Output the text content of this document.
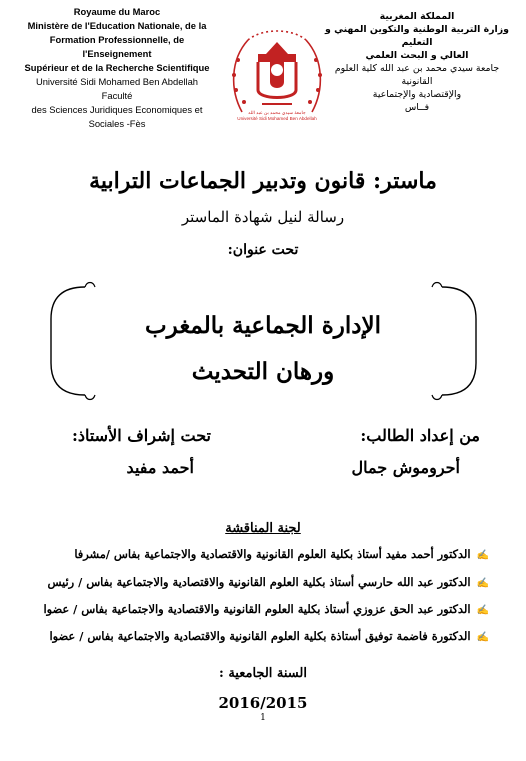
Royaume du Maroc
Ministère de l'Education Nationale, de la
Formation Professionnelle, de l'Enseignement
Supérieur et de la Recherche Scientifique
Université Sidi Mohamed Ben Abdellah Faculté
des Sciences Juridiques Economiques et
Sociales -Fès
جامعة سيدي محمد بن عبد الله
Université Sidi Mohamed Ben Abdellah
المملكة المغربية
وزارة التربية الوطنية والتكوين المهني و التعليم
العالي و البحث العلمي
جامعة سيدي محمد بن عبد الله كلية العلوم القانونية
والإقتصادية والإجتماعية
فــاس
ماستر: قانون وتدبير الجماعات الترابية
رسالة لنيل شهادة الماستر
تحت عنوان:
الإدارة الجماعية بالمغرب
ورهان التحديث
من إعداد الطالب:
تحت إشراف الأستاذ:
أحروموش جمال
أحمد مفيد
لجنة المناقشة
✍الدكتور أحمد مفيد أستاذ بكلية العلوم القانونية والاقتصادية والاجتماعية بفاس /مشرفا
✍الدكتور عبد الله حارسي أستاذ بكلية العلوم القانونية والاقتصادية والاجتماعية بفاس / رئيس
✍الدكتور عبد الحق عزوزي أستاذ بكلية العلوم القانونية والاقتصادية والاجتماعية بفاس / عضوا
✍الدكتورة فاضمة توفيق أستاذة بكلية العلوم القانونية والاقتصادية والاجتماعية بفاس / عضوا
السنة الجامعية :
2016/2015
1
